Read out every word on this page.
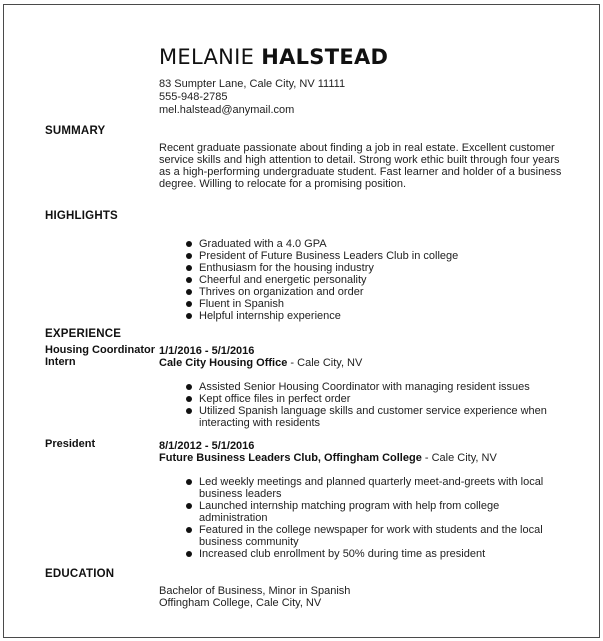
MELANIE HALSTEAD
83 Sumpter Lane, Cale City, NV 11111
555-948-2785
mel.halstead@anymail.com
SUMMARY
Recent graduate passionate about finding a job in real estate. Excellent customer service skills and high attention to detail. Strong work ethic built through four years as a high-performing undergraduate student. Fast learner and holder of a business degree. Willing to relocate for a promising position.
HIGHLIGHTS
Graduated with a 4.0 GPA
President of Future Business Leaders Club in college
Enthusiasm for the housing industry
Cheerful and energetic personality
Thrives on organization and order
Fluent in Spanish
Helpful internship experience
EXPERIENCE
Housing Coordinator Intern
1/1/2016 - 5/1/2016
Cale City Housing Office - Cale City, NV
Assisted Senior Housing Coordinator with managing resident issues
Kept office files in perfect order
Utilized Spanish language skills and customer service experience when interacting with residents
President	8/1/2012 - 5/1/2016
Future Business Leaders Club, Offingham College - Cale City, NV
Led weekly meetings and planned quarterly meet-and-greets with local business leaders
Launched internship matching program with help from college administration
Featured in the college newspaper for work with students and the local business community
Increased club enrollment by 50% during time as president
EDUCATION
Bachelor of Business, Minor in Spanish
Offingham College, Cale City, NV
